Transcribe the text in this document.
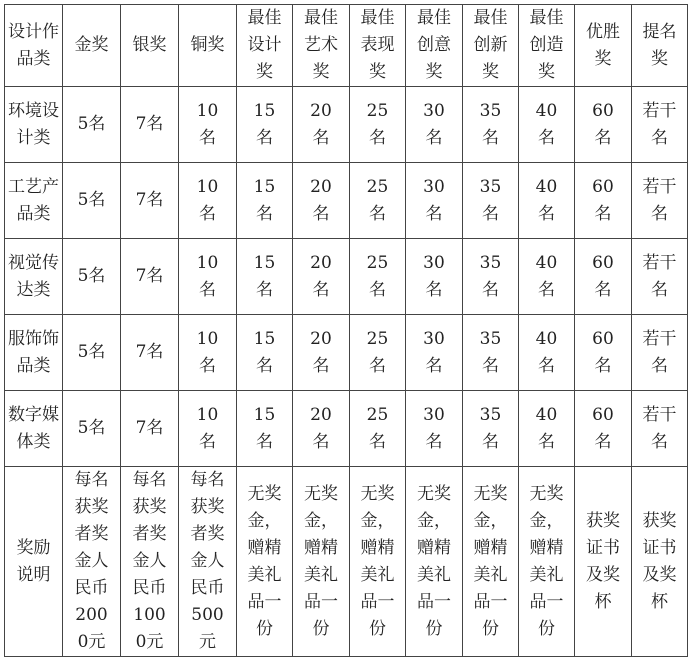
设计作品类	金奖	银奖	铜奖	最佳设计奖	最佳艺术奖	最佳表现奖	最佳创意奖	最佳创新奖	最佳创造奖	优胜奖	提名奖
环境设计类	5名	7名	10名	15名	20名	25名	30名	35名	40名	60名	若干名
工艺产品类	5名	7名	10名	15名	20名	25名	30名	35名	40名	60名	若干名
视觉传达类	5名	7名	10名	15名	20名	25名	30名	35名	40名	60名	若干名
服饰饰品类	5名	7名	10名	15名	20名	25名	30名	35名	40名	60名	若干名
数字媒体类	5名	7名	10名	15名	20名	25名	30名	35名	40名	60名	若干名
奖励说明	每名获奖者奖金人民币2000元	每名获奖者奖金人民币1000元	每名获奖者奖金人民币500元	无奖金，赠精美礼品一份	无奖金，赠精美礼品一份	无奖金，赠精美礼品一份	无奖金，赠精美礼品一份	无奖金，赠精美礼品一份	无奖金，赠精美礼品一份	获奖证书及奖杯	获奖证书及奖杯
